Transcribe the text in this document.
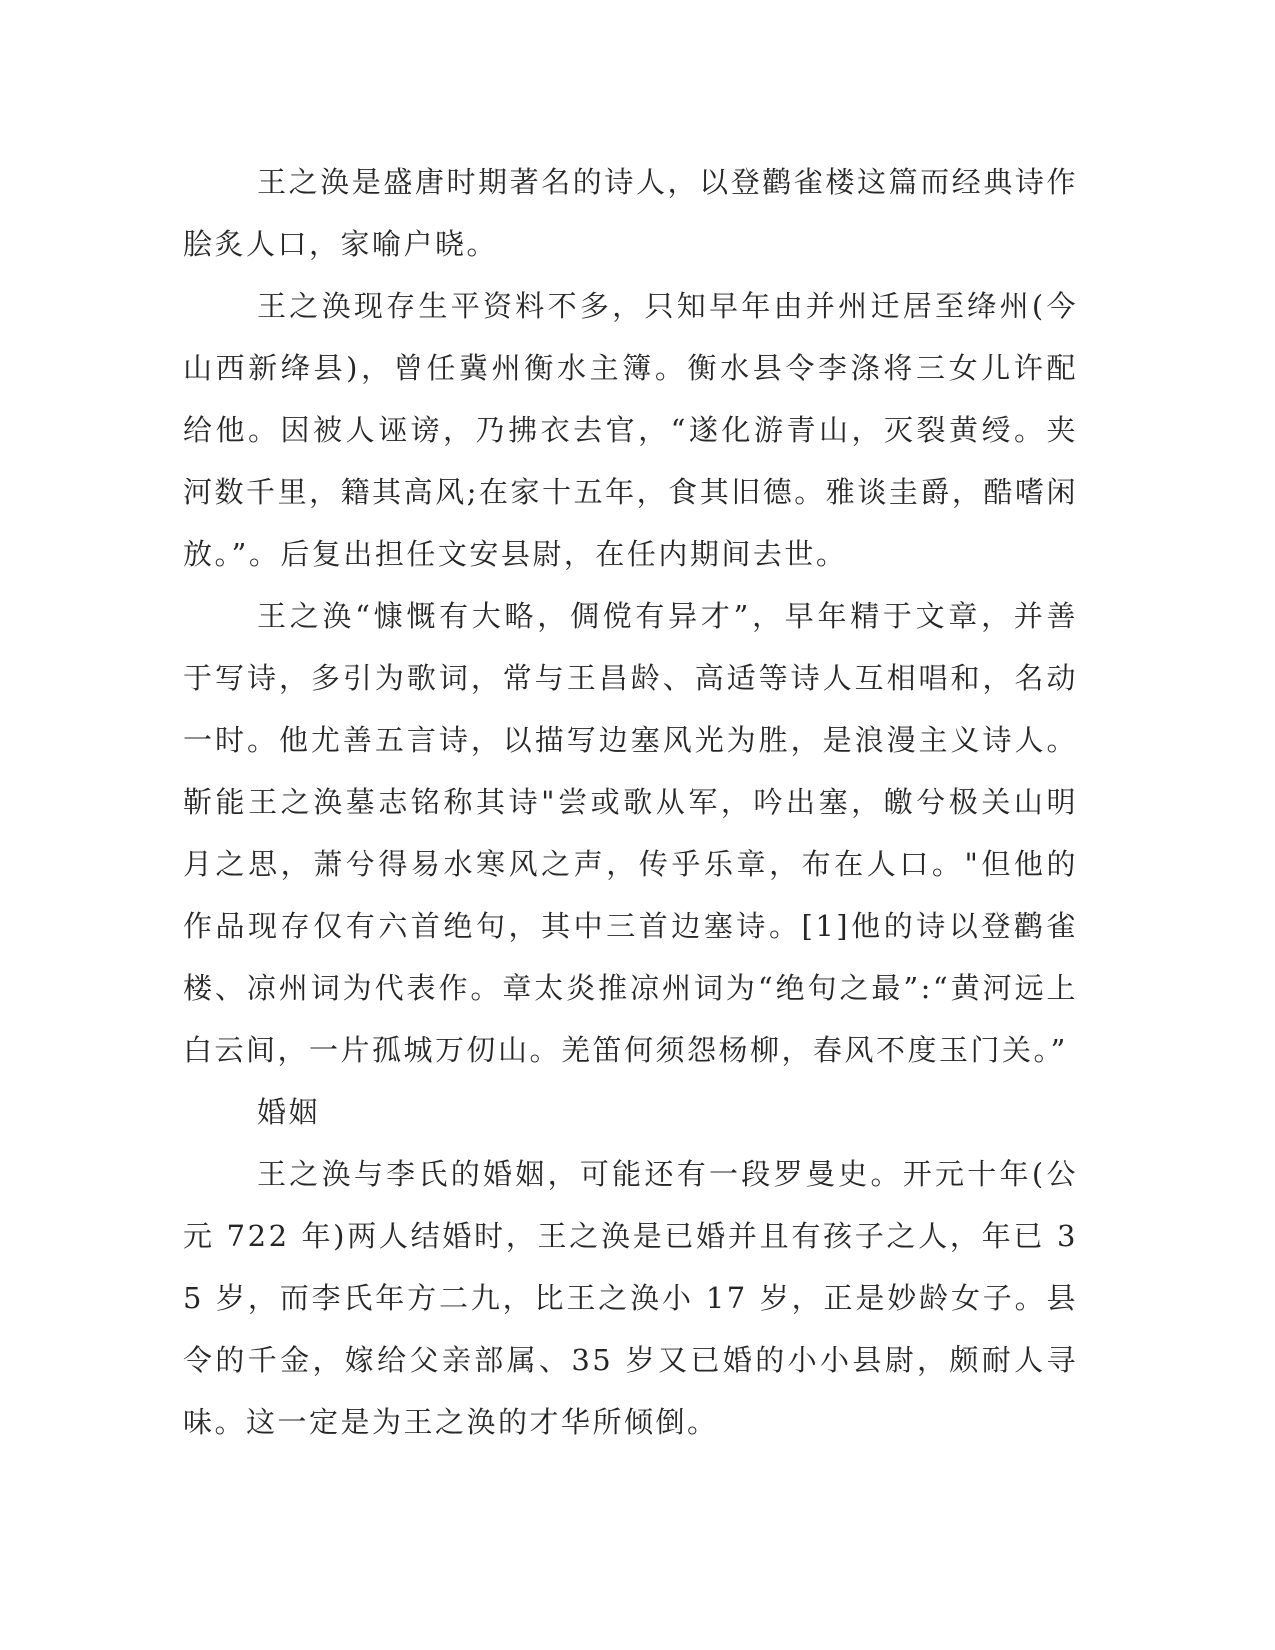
王之涣是盛唐时期著名的诗人，以登鹳雀楼这篇而经典诗作脍炙人口，家喻户晓。

王之涣现存生平资料不多，只知早年由并州迁居至绛州(今山西新绛县)，曾任冀州衡水主簿。衡水县令李涤将三女儿许配给他。因被人诬谤，乃拂衣去官，“遂化游青山，灭裂黄绶。夹河数千里，籍其高风;在家十五年，食其旧德。雅谈圭爵，酷嗜闲放。”。后复出担任文安县尉，在任内期间去世。

王之涣“慷慨有大略，倜傥有异才”，早年精于文章，并善于写诗，多引为歌词，常与王昌龄、高适等诗人互相唱和，名动一时。他尤善五言诗，以描写边塞风光为胜，是浪漫主义诗人。靳能王之涣墓志铭称其诗"尝或歌从军，吟出塞，皦兮极关山明月之思，萧兮得易水寒风之声，传乎乐章，布在人口。"但他的作品现存仅有六首绝句，其中三首边塞诗。[1]他的诗以登鹳雀楼、凉州词为代表作。章太炎推凉州词为“绝句之最”:“黄河远上白云间，一片孤城万仞山。羌笛何须怨杨柳，春风不度玉门关。”

婚姻

王之涣与李氏的婚姻，可能还有一段罗曼史。开元十年(公元 722 年)两人结婚时，王之涣是已婚并且有孩子之人，年已 35 岁，而李氏年方二九，比王之涣小 17 岁，正是妙龄女子。县令的千金，嫁给父亲部属、35 岁又已婚的小小县尉，颇耐人寻味。这一定是为王之涣的才华所倾倒。
